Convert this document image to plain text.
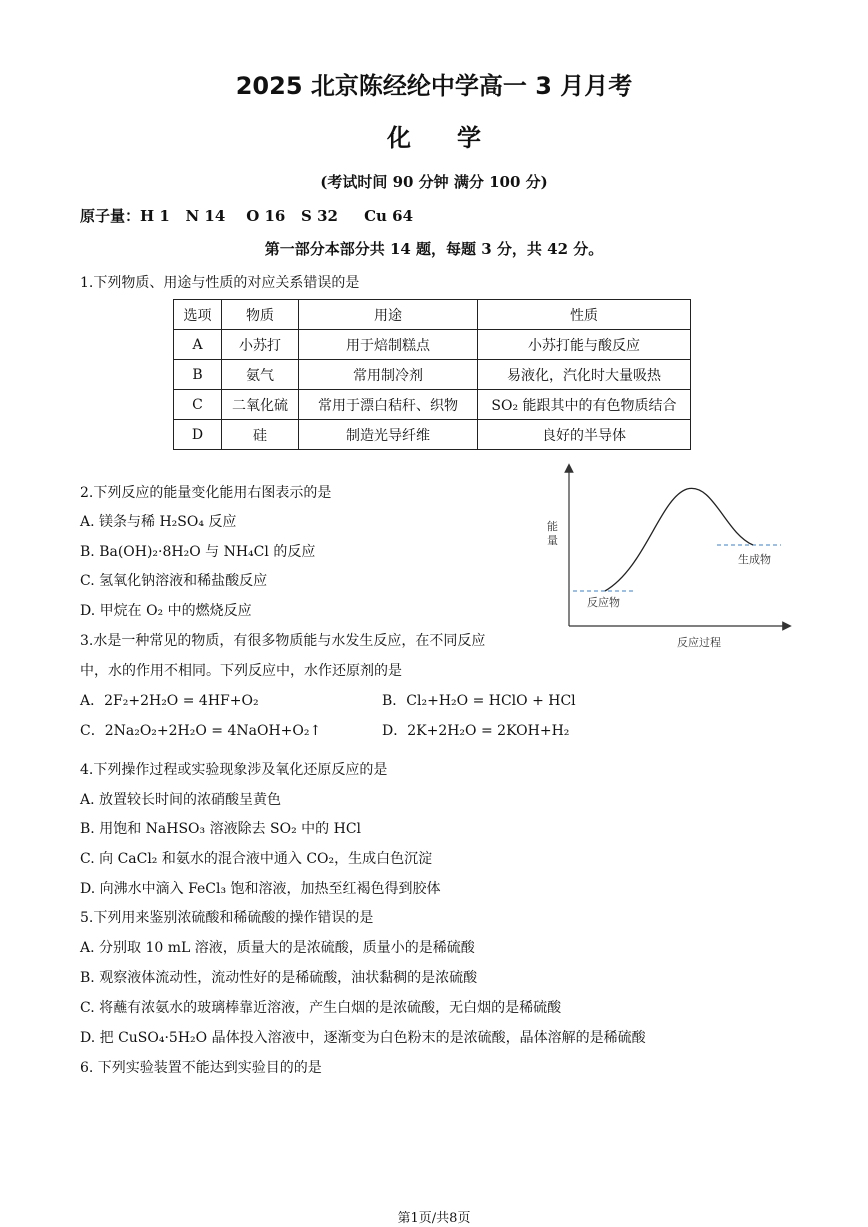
2025 北京陈经纶中学高一 3 月月考
化学
(考试时间 90 分钟 满分 100 分)
原子量：H 1   N 14    O 16   S 32     Cu 64
第一部分本部分共 14 题，每题 3 分，共 42 分。
1.下列物质、用途与性质的对应关系错误的是
选项	物质	用途	性质
A	小苏打	用于焙制糕点	小苏打能与酸反应
B	氨气	常用制冷剂	易液化，汽化时大量吸热
C	二氧化硫	常用于漂白秸秆、织物	SO₂ 能跟其中的有色物质结合
D	硅	制造光导纤维	良好的半导体
2.下列反应的能量变化能用右图表示的是
A. 镁条与稀 H₂SO₄ 反应
B. Ba(OH)₂·8H₂O 与 NH₄Cl 的反应
C. 氢氧化钠溶液和稀盐酸反应
D. 甲烷在 O₂ 中的燃烧反应
能
量
反应过程
反应物
生成物
3.水是一种常见的物质，有很多物质能与水发生反应，在不同反应
中，水的作用不相同。下列反应中，水作还原剂的是
A．2F₂+2H₂O = 4HF+O₂	B．Cl₂+H₂O = HClO + HCl
C．2Na₂O₂+2H₂O = 4NaOH+O₂↑	D．2K+2H₂O = 2KOH+H₂
4.下列操作过程或实验现象涉及氧化还原反应的是
A. 放置较长时间的浓硝酸呈黄色
B. 用饱和 NaHSO₃ 溶液除去 SO₂ 中的 HCl
C. 向 CaCl₂ 和氨水的混合液中通入 CO₂，生成白色沉淀
D. 向沸水中滴入 FeCl₃ 饱和溶液，加热至红褐色得到胶体
5.下列用来鉴别浓硫酸和稀硫酸的操作错误的是
A. 分别取 10 mL 溶液，质量大的是浓硫酸，质量小的是稀硫酸
B. 观察液体流动性，流动性好的是稀硫酸，油状黏稠的是浓硫酸
C. 将蘸有浓氨水的玻璃棒靠近溶液，产生白烟的是浓硫酸，无白烟的是稀硫酸
D. 把 CuSO₄·5H₂O 晶体投入溶液中，逐渐变为白色粉末的是浓硫酸，晶体溶解的是稀硫酸
6. 下列实验装置不能达到实验目的的是
第1页/共8页
